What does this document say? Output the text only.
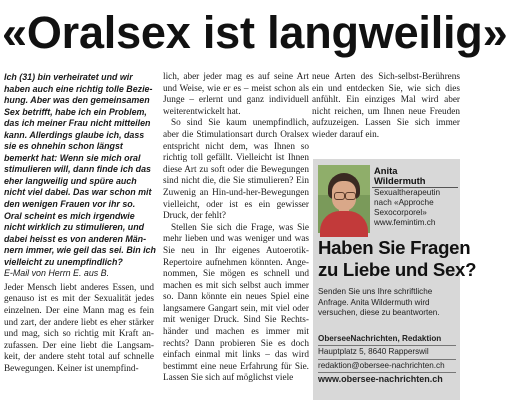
«Oralsex ist langweilig»
Ich (31) bin verheiratet und wir
haben auch eine richtig tolle Bezie-
hung. Aber was den gemeinsamen
Sex betrifft, habe ich ein Problem,
das ich meiner Frau nicht mitteilen
kann. Allerdings glaube ich, dass
sie es ohnehin schon längst
bemerkt hat: Wenn sie mich oral
stimulieren will, dann finde ich das
eher langweilig und spüre auch
nicht viel dabei. Das war schon mit
den wenigen Frauen vor ihr so.
Oral scheint es mich irgendwie
nicht wirklich zu stimulieren, und
dabei heisst es von anderen Män-
nern immer, wie geil das sei. Bin ich
vielleicht zu unempfindlich?
E-Mail von Herrn E. aus B.
Jeder Mensch liebt anderes Essen, und
genauso ist es mit der Sexualität jedes
einzelnen. Der eine Mann mag es fein
und zart, der andere liebt es eher stärker
und mag, sich so richtig mit Kraft an-
zufassen. Der eine liebt die Langsam-
keit, der andere steht total auf schnelle
Bewegungen. Keiner ist unempfind-
lich, aber jeder mag es auf seine Art
und Weise, wie er es – meist schon als
Junge – erlernt und ganz individuell
weiterentwickelt hat.
So sind Sie kaum unempfindlich,
aber die Stimulationsart durch Oralsex
entspricht nicht dem, was Ihnen so
richtig toll gefällt. Vielleicht ist Ihnen
diese Art zu soft oder die Bewegungen
sind nicht die, die Sie stimulieren? Ein
Zuwenig an Hin-und-her-Bewegungen
vielleicht, oder ist es ein gewisser
Druck, der fehlt?
Stellen Sie sich die Frage, was Sie
mehr lieben und was weniger und was
Sie neu in Ihr eigenes Autoerotik-
Repertoire aufnehmen könnten. Ange-
nommen, Sie mögen es schnell und
machen es mit sich selbst auch immer
so. Dann könnte ein neues Spiel eine
langsamere Gangart sein, mit viel oder
mit weniger Druck. Sind Sie Rechts-
händer und machen es immer mit
rechts? Dann probieren Sie es doch
einfach einmal mit links – das wird
bestimmt eine neue Erfahrung für Sie.
Lassen Sie sich auf möglichst viele
neue Arten des Sich-selbst-Berührens
ein und entdecken Sie, wie sich dies
anfühlt. Ein einziges Mal wird aber
nicht reichen, um Ihnen neue Freuden
aufzuzeigen. Lassen Sie sich immer
wieder darauf ein.
Anita
Wildermuth
Sexualtherapeutin
nach «Approche
Sexocorporel»
www.femintim.ch
Haben Sie Fragen
zu Liebe und Sex?
Senden Sie uns Ihre schriftliche
Anfrage. Anita Wildermuth wird
versuchen, diese zu beantworten.
OberseeNachrichten, Redaktion
Hauptplatz 5, 8640 Rapperswil
redaktion@obersee-nachrichten.ch
www.obersee-nachrichten.ch
